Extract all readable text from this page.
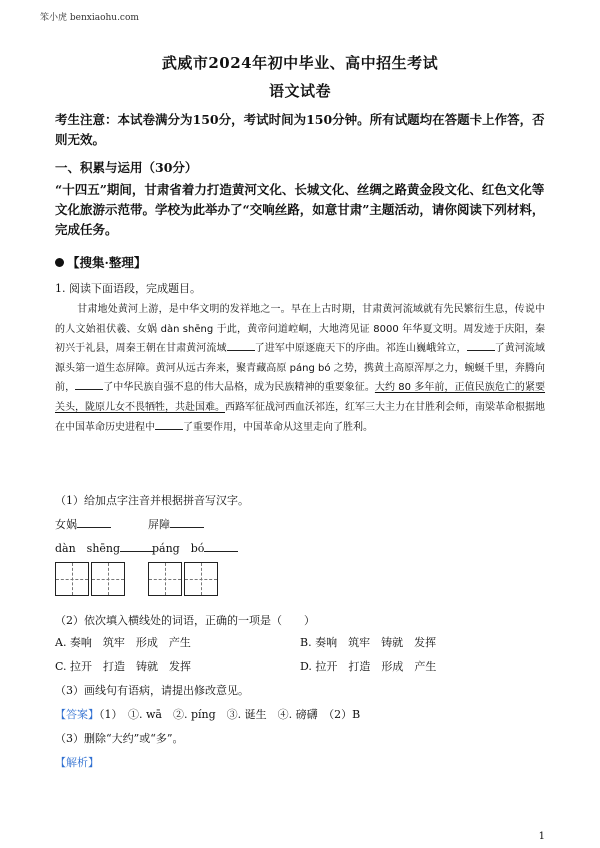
笨小虎 benxiaohu.com
武威市2024年初中毕业、高中招生考试
语文试卷
考生注意：本试卷满分为150分，考试时间为150分钟。所有试题均在答题卡上作答，否则无效。
一、积累与运用（30分）
“十四五”期间，甘肃省着力打造黄河文化、长城文化、丝绸之路黄金段文化、红色文化等文化旅游示范带。学校为此举办了“交响丝路，如意甘肃”主题活动，请你阅读下列材料，完成任务。
【搜集·整理】
1. 阅读下面语段，完成题目。
甘肃地处黄河上游，是中华文明的发祥地之一。早在上古时期，甘肃黄河流域就有先民繁衍生息，传说中的人文始祖伏羲、女娲 dàn shēng 于此，黄帝问道崆峒，大地湾见证 8000 年华夏文明。周发迹于庆阳，秦初兴于礼县，周秦王朝在甘肃黄河流域	了进军中原逐鹿天下的序曲。祁连山巍峨耸立，	了黄河流域源头第一道生态屏障。黄河从远古奔来，聚青藏高原 páng bó 之势，携黄土高原浑厚之力，蜿蜒千里，奔腾向前，	了中华民族自强不息的伟大品格，成为民族精神的重要象征。大约 80 多年前，正值民族危亡的紧要关头，陇原儿女不畏牺牲，共赴国难。西路军征战河西血沃祁连，红军三大主力在甘胜利会师，南梁革命根据地在中国革命历史进程中	了重要作用，中国革命从这里走向了胜利。
（1）给加点字注音并根据拼音写汉字。
女娲	屏障
dàn　shēng	páng　bó
（2）依次填入横线处的词语，正确的一项是（　　）
A. 奏响　筑牢　形成　产生	B. 奏响　筑牢　铸就　发挥
C. 拉开　打造　铸就　发挥	D. 拉开　打造　形成　产生
（3）画线句有语病，请提出修改意见。
【答案】（1）　①. wā　②. píng　③. 诞生　④. 磅礴　（2）B
（3）删除“大约”或“多”。
【解析】
1
